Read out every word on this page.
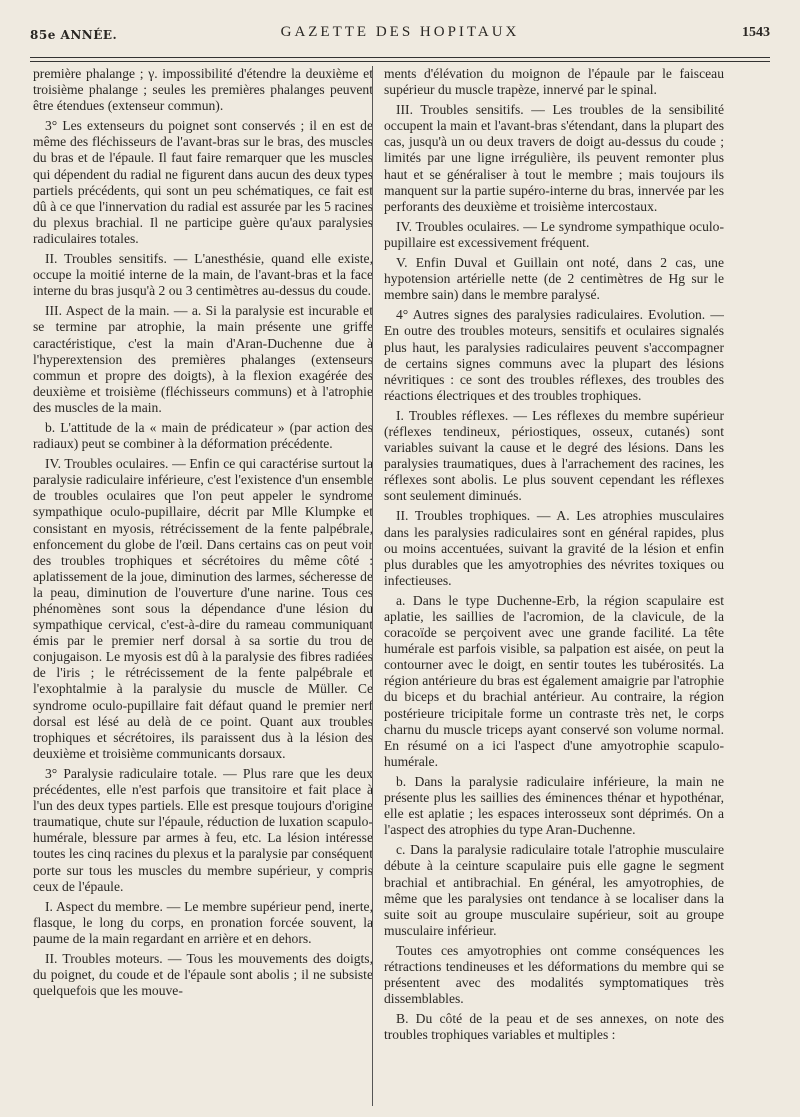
85e ANNÉE.	GAZETTE DES HOPITAUX	1543

première phalange ; γ. impossibilité d'étendre la deuxième et troisième phalange ; seules les premières phalanges peuvent être étendues (extenseur commun).

3° Les extenseurs du poignet sont conservés ; il en est de même des fléchisseurs de l'avant-bras sur le bras, des muscles du bras et de l'épaule. Il faut faire remarquer que les muscles qui dépendent du radial ne figurent dans aucun des deux types partiels précédents, qui sont un peu schématiques, ce fait est dû à ce que l'innervation du radial est assurée par les 5 racines du plexus brachial. Il ne participe guère qu'aux paralysies radiculaires totales.

II. Troubles sensitifs. — L'anesthésie, quand elle existe, occupe la moitié interne de la main, de l'avant-bras et la face interne du bras jusqu'à 2 ou 3 centimètres au-dessus du coude.

III. Aspect de la main. — a. Si la paralysie est incurable et se termine par atrophie, la main présente une griffe caractéristique, c'est la main d'Aran-Duchenne due à l'hyperextension des premières phalanges (extenseurs commun et propre des doigts), à la flexion exagérée des deuxième et troisième (fléchisseurs communs) et à l'atrophie des muscles de la main.

b. L'attitude de la « main de prédicateur » (par action des radiaux) peut se combiner à la déformation précédente.

IV. Troubles oculaires. — Enfin ce qui caractérise surtout la paralysie radiculaire inférieure, c'est l'existence d'un ensemble de troubles oculaires que l'on peut appeler le syndrome sympathique oculo-pupillaire, décrit par Mlle Klumpke et consistant en myosis, rétrécissement de la fente palpébrale, enfoncement du globe de l'œil. Dans certains cas on peut voir des troubles trophiques et sécrétoires du même côté : aplatissement de la joue, diminution des larmes, sécheresse de la peau, diminution de l'ouverture d'une narine. Tous ces phénomènes sont sous la dépendance d'une lésion du sympathique cervical, c'est-à-dire du rameau communiquant émis par le premier nerf dorsal à sa sortie du trou de conjugaison. Le myosis est dû à la paralysie des fibres radiées de l'iris ; le rétrécissement de la fente palpébrale et l'exophtalmie à la paralysie du muscle de Müller. Ce syndrome oculo-pupillaire fait défaut quand le premier nerf dorsal est lésé au delà de ce point. Quant aux troubles trophiques et sécrétoires, ils paraissent dus à la lésion des deuxième et troisième communicants dorsaux.

3° Paralysie radiculaire totale. — Plus rare que les deux précédentes, elle n'est parfois que transitoire et fait place à l'un des deux types partiels. Elle est presque toujours d'origine traumatique, chute sur l'épaule, réduction de luxation scapulo-humérale, blessure par armes à feu, etc. La lésion intéresse toutes les cinq racines du plexus et la paralysie par conséquent porte sur tous les muscles du membre supérieur, y compris ceux de l'épaule.

I. Aspect du membre. — Le membre supérieur pend, inerte, flasque, le long du corps, en pronation forcée souvent, la paume de la main regardant en arrière et en dehors.

II. Troubles moteurs. — Tous les mouvements des doigts, du poignet, du coude et de l'épaule sont abolis ; il ne subsiste quelquefois que les mouve-

ments d'élévation du moignon de l'épaule par le faisceau supérieur du muscle trapèze, innervé par le spinal.

III. Troubles sensitifs. — Les troubles de la sensibilité occupent la main et l'avant-bras s'étendant, dans la plupart des cas, jusqu'à un ou deux travers de doigt au-dessus du coude ; limités par une ligne irrégulière, ils peuvent remonter plus haut et se généraliser à tout le membre ; mais toujours ils manquent sur la partie supéro-interne du bras, innervée par les perforants des deuxième et troisième intercostaux.

IV. Troubles oculaires. — Le syndrome sympathique oculo-pupillaire est excessivement fréquent.

V. Enfin Duval et Guillain ont noté, dans 2 cas, une hypotension artérielle nette (de 2 centimètres de Hg sur le membre sain) dans le membre paralysé.

4° Autres signes des paralysies radiculaires. Evolution. — En outre des troubles moteurs, sensitifs et oculaires signalés plus haut, les paralysies radiculaires peuvent s'accompagner de certains signes communs avec la plupart des lésions névritiques : ce sont des troubles réflexes, des troubles des réactions électriques et des troubles trophiques.

I. Troubles réflexes. — Les réflexes du membre supérieur (réflexes tendineux, périostiques, osseux, cutanés) sont variables suivant la cause et le degré des lésions. Dans les paralysies traumatiques, dues à l'arrachement des racines, les réflexes sont abolis. Le plus souvent cependant les réflexes sont seulement diminués.

II. Troubles trophiques. — A. Les atrophies musculaires dans les paralysies radiculaires sont en général rapides, plus ou moins accentuées, suivant la gravité de la lésion et enfin plus durables que les amyotrophies des névrites toxiques ou infectieuses.

a. Dans le type Duchenne-Erb, la région scapulaire est aplatie, les saillies de l'acromion, de la clavicule, de la coracoïde se perçoivent avec une grande facilité. La tête humérale est parfois visible, sa palpation est aisée, on peut la contourner avec le doigt, en sentir toutes les tubérosités. La région antérieure du bras est également amaigrie par l'atrophie du biceps et du brachial antérieur. Au contraire, la région postérieure tricipitale forme un contraste très net, le corps charnu du muscle triceps ayant conservé son volume normal. En résumé on a ici l'aspect d'une amyotrophie scapulo-humérale.

b. Dans la paralysie radiculaire inférieure, la main ne présente plus les saillies des éminences thénar et hypothénar, elle est aplatie ; les espaces interosseux sont déprimés. On a l'aspect des atrophies du type Aran-Duchenne.

c. Dans la paralysie radiculaire totale l'atrophie musculaire débute à la ceinture scapulaire puis elle gagne le segment brachial et antibrachial. En général, les amyotrophies, de même que les paralysies ont tendance à se localiser dans la suite soit au groupe musculaire supérieur, soit au groupe musculaire inférieur.

Toutes ces amyotrophies ont comme conséquences les rétractions tendineuses et les déformations du membre qui se présentent avec des modalités symptomatiques très dissemblables.

B. Du côté de la peau et de ses annexes, on note des troubles trophiques variables et multiples :
